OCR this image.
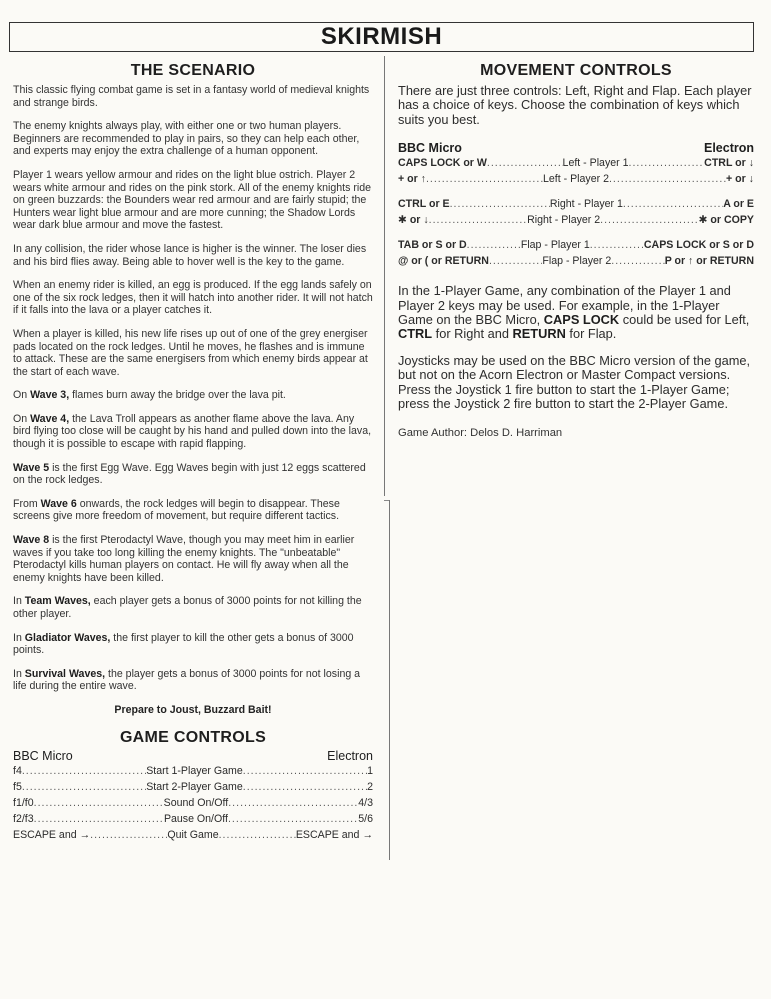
SKIRMISH
THE SCENARIO

This classic flying combat game is set in a fantasy world of medieval knights and strange birds.

The enemy knights always play, with either one or two human players. Beginners are recommended to play in pairs, so they can help each other, and experts may enjoy the extra challenge of a human opponent.

Player 1 wears yellow armour and rides on the light blue ostrich. Player 2 wears white armour and rides on the pink stork. All of the enemy knights ride on green buzzards: the Bounders wear red armour and are fairly stupid; the Hunters wear light blue armour and are more cunning; the Shadow Lords wear dark blue armour and move the fastest.

In any collision, the rider whose lance is higher is the winner. The loser dies and his bird flies away. Being able to hover well is the key to the game.

When an enemy rider is killed, an egg is produced. If the egg lands safely on one of the six rock ledges, then it will hatch into another rider. It will not hatch if it falls into the lava or a player catches it.

When a player is killed, his new life rises up out of one of the grey energiser pads located on the rock ledges. Until he moves, he flashes and is immune to attack. These are the same energisers from which enemy birds appear at the start of each wave.

On Wave 3, flames burn away the bridge over the lava pit.

On Wave 4, the Lava Troll appears as another flame above the lava. Any bird flying too close will be caught by his hand and pulled down into the lava, though it is possible to escape with rapid flapping.

Wave 5 is the first Egg Wave. Egg Waves begin with just 12 eggs scattered on the rock ledges.

From Wave 6 onwards, the rock ledges will begin to disappear. These screens give more freedom of movement, but require different tactics.

Wave 8 is the first Pterodactyl Wave, though you may meet him in earlier waves if you take too long killing the enemy knights. The "unbeatable" Pterodactyl kills human players on contact. He will fly away when all the enemy knights have been killed.

In Team Waves, each player gets a bonus of 3000 points for not killing the other player.

In Gladiator Waves, the first player to kill the other gets a bonus of 3000 points.

In Survival Waves, the player gets a bonus of 3000 points for not losing a life during the entire wave.

Prepare to Joust, Buzzard Bait!

GAME CONTROLS
BBC Micro	Electron
f4 .....	Start 1-Player Game .....	1
f5 .....	Start 2-Player Game .....	2
f1/f0 .....	Sound On/Off .....	4/3
f2/f3 .....	Pause On/Off .....	5/6
ESCAPE and → .....	Quit Game .....	ESCAPE and →
MOVEMENT CONTROLS

There are just three controls: Left, Right and Flap. Each player has a choice of keys. Choose the combination of keys which suits you best.

BBC Micro	Electron
CAPS LOCK or W .....	Left - Player 1 .....	CTRL or ↓
+ or ↑ .....	Left - Player 2 .....	+ or ↓
CTRL or E .....	Right - Player 1 .....	A or E
✱ or ↓ .....	Right - Player 2 .....	✱ or COPY
TAB or S or D .....	Flap - Player 1 .....	CAPS LOCK or S or D
@ or ( or RETURN .....	Flap - Player 2 .....	P or ↑ or RETURN

In the 1-Player Game, any combination of the Player 1 and Player 2 keys may be used. For example, in the 1-Player Game on the BBC Micro, CAPS LOCK could be used for Left, CTRL for Right and RETURN for Flap.

Joysticks may be used on the BBC Micro version of the game, but not on the Acorn Electron or Master Compact versions. Press the Joystick 1 fire button to start the 1-Player Game; press the Joystick 2 fire button to start the 2-Player Game.

Game Author: Delos D. Harriman
